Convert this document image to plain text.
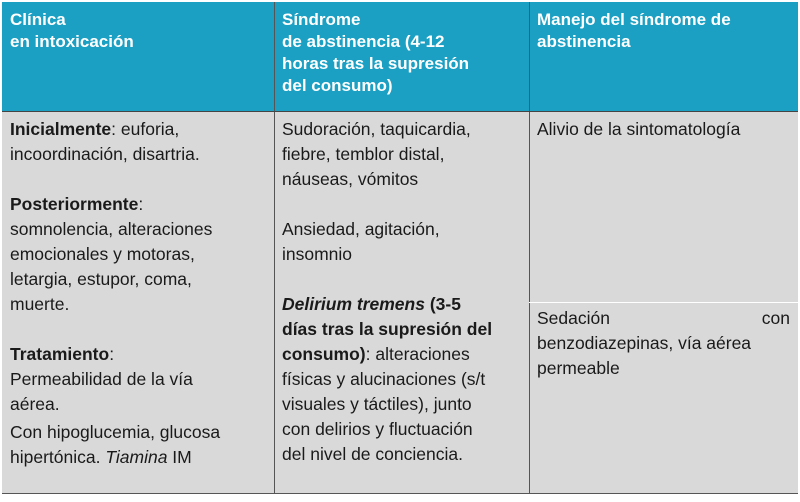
Clínica
en intoxicación
Síndrome
de abstinencia (4-12
horas tras la supresión
del consumo)
Manejo del síndrome de
abstinencia
Inicialmente: euforia,
incoordinación, disartria.
Posteriormente:
somnolencia, alteraciones
emocionales y motoras,
letargia, estupor, coma,
muerte.
Tratamiento:
Permeabilidad de la vía
aérea.
Con hipoglucemia, glucosa
hipertónica. Tiamina IM
Sudoración, taquicardia,
fiebre, temblor distal,
náuseas, vómitos
Ansiedad, agitación,
insomnio
Delirium tremens (3-5
días tras la supresión del
consumo): alteraciones
físicas y alucinaciones (s/t
visuales y táctiles), junto
con delirios y fluctuación
del nivel de conciencia.
Alivio de la sintomatología
Sedación	con
benzodiazepinas, vía aérea
permeable
